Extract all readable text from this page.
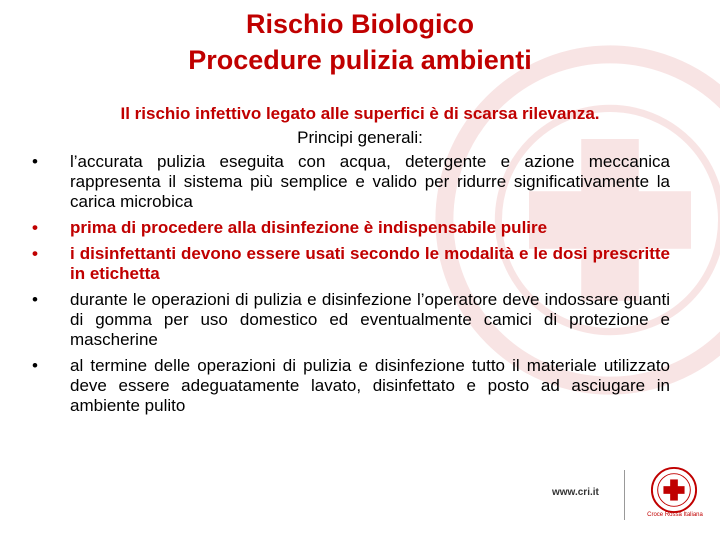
Rischio Biologico
Procedure pulizia ambienti
Il rischio infettivo legato alle superfici è di scarsa rilevanza.
Principi generali:
• l’accurata pulizia eseguita con acqua, detergente e azione meccanica rappresenta il sistema più semplice e valido per ridurre significativamente la carica microbica
• prima di procedere alla disinfezione è indispensabile pulire
• i disinfettanti devono essere usati secondo le modalità e le dosi prescritte in etichetta
• durante le operazioni di pulizia e disinfezione l’operatore deve indossare guanti di gomma per uso domestico ed eventualmente camici di protezione e mascherine
• al termine delle operazioni di pulizia e disinfezione tutto il materiale utilizzato deve essere adeguatamente lavato, disinfettato e posto ad asciugare in ambiente pulito
www.cri.it
Croce Rossa Italiana
